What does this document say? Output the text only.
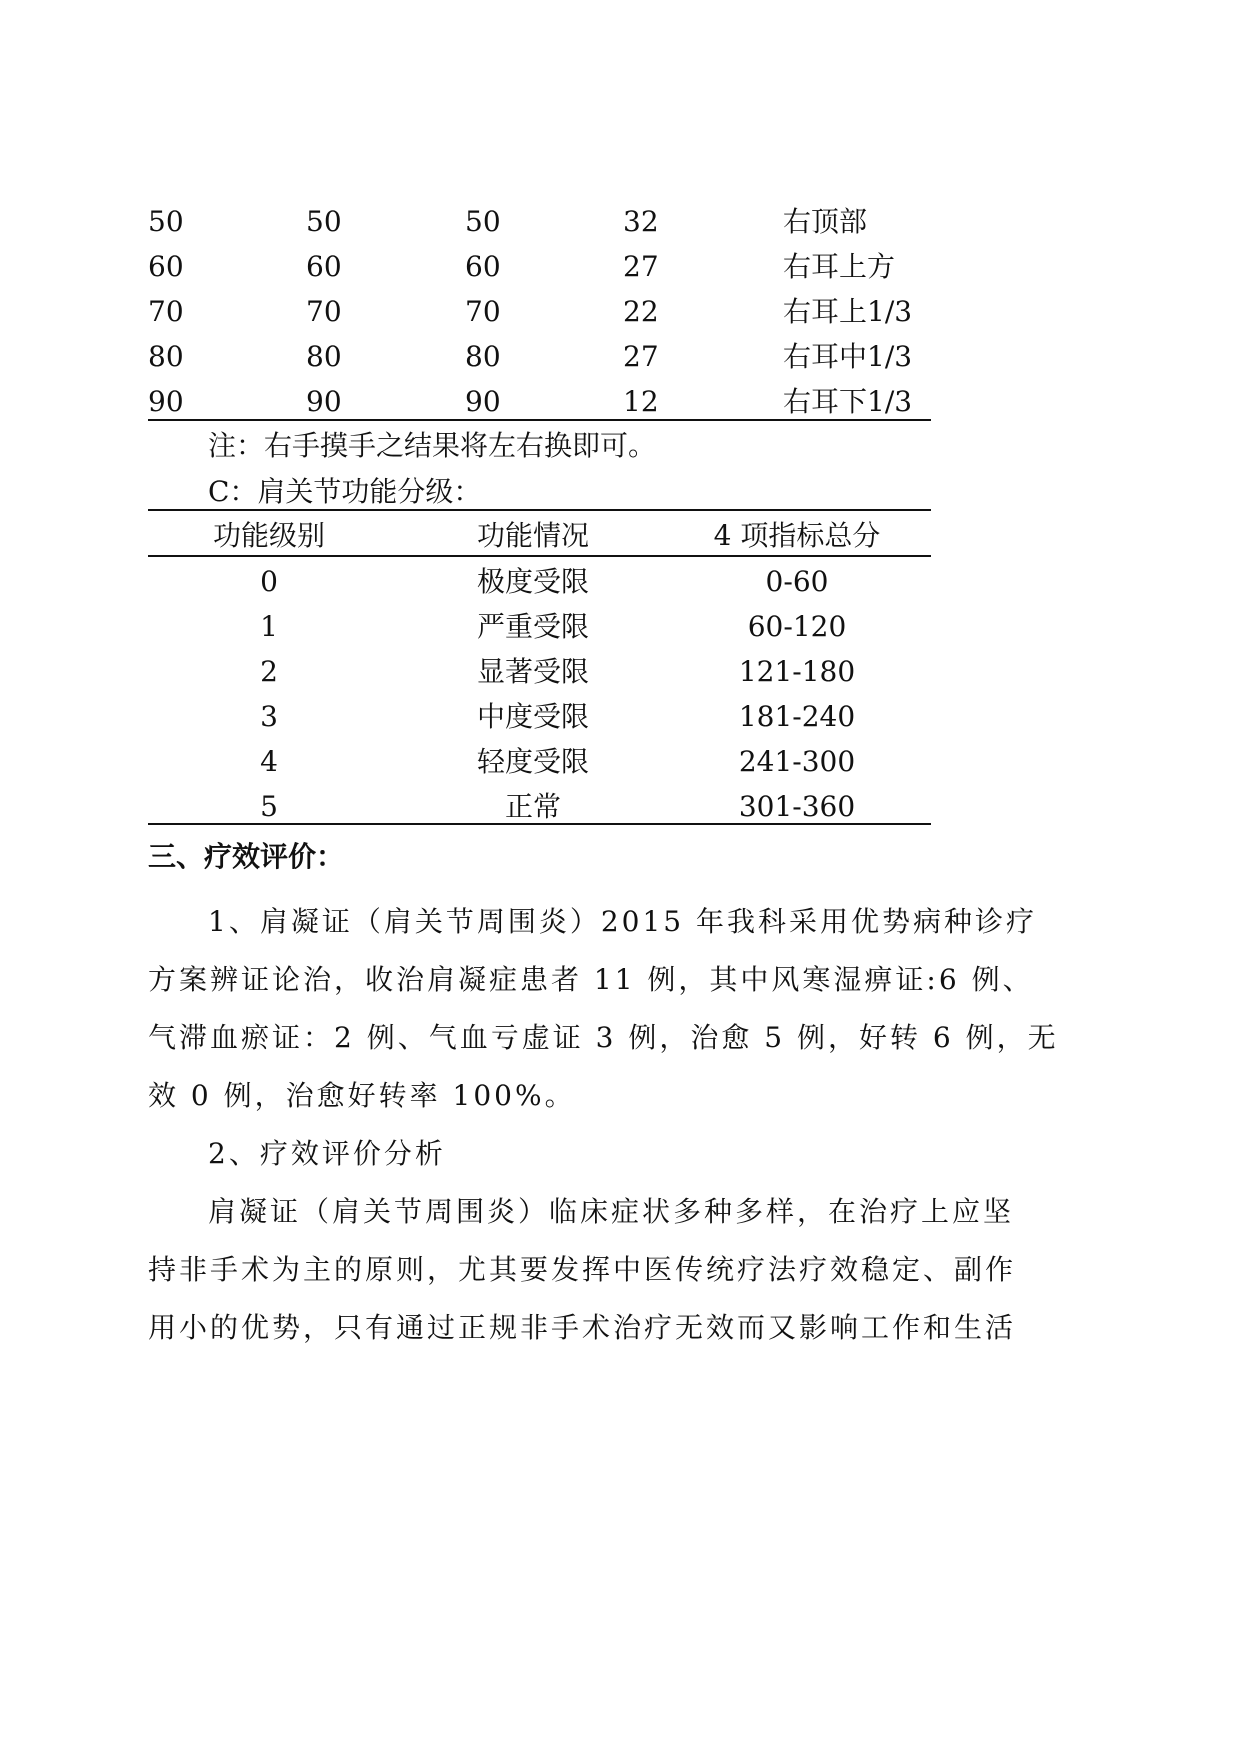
50	50	50	32	右顶部
60	60	60	27	右耳上方
70	70	70	22	右耳上1/3
80	80	80	27	右耳中1/3
90	90	90	12	右耳下1/3
注：右手摸手之结果将左右换即可。
C：肩关节功能分级：
功能级别	功能情况	4 项指标总分
0	极度受限	0-60
1	严重受限	60-120
2	显著受限	121-180
3	中度受限	181-240
4	轻度受限	241-300
5	正常	301-360
三、疗效评价：
1、肩凝证（肩关节周围炎）2015 年我科采用优势病种诊疗
方案辨证论治，收治肩凝症患者 11 例，其中风寒湿痹证:6 例、
气滞血瘀证：2 例、气血亏虚证 3 例，治愈 5 例，好转 6 例，无
效 0 例，治愈好转率 100%。
2、疗效评价分析
肩凝证（肩关节周围炎）临床症状多种多样，在治疗上应坚
持非手术为主的原则，尤其要发挥中医传统疗法疗效稳定、副作
用小的优势，只有通过正规非手术治疗无效而又影响工作和生活
